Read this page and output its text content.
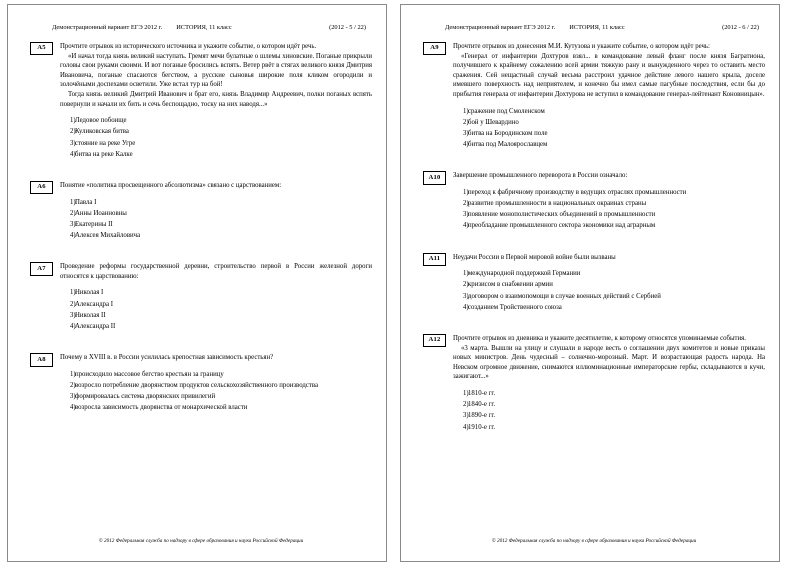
Демонстрационный вариант ЕГЭ 2012 г. ИСТОРИЯ, 11 класс	(2012 - 5 / 22)
A5	Прочтите отрывок из исторического источника и укажите событие, о котором идёт речь.

«И начал тогда князь великий наступать. Гремят мечи булатные о шлемы хиновские. Поганые прикрыли головы свои руками своими. И вот поганые бросились вспять. Ветер рвёт в стягах великого князя Дмитрия Ивановича, поганые спасаются бегством, а русские сыновья широкие поля кликом огородили и золочёными доспехами осветили. Уже встал тур на бой!

Тогда князь великий Дмитрий Иванович и брат его, князь Владимир Андреевич, полки поганых вспять повернули и начали их бить и сечь беспощадно, тоску на них наводя...»

1) Ледовое побоище
2) Куликовская битва
3) стояние на реке Угре
4) битва на реке Калке
A6	Понятие «политика просвещенного абсолютизма» связано с царствованием:

1) Павла I
2) Анны Иоанновны
3) Екатерины II
4) Алексея Михайловича
A7	Проведение реформы государственной деревни, строительство первой в России железной дороги относятся к царствованию:

1) Николая I
2) Александра I
3) Николая II
4) Александра II
A8	Почему в XVIII в. в России усилилась крепостная зависимость крестьян?

1) происходило массовое бегство крестьян за границу
2) возросло потребление дворянством продуктов сельскохозяйственного производства
3) формировалась система дворянских привилегий
4) возросла зависимость дворянства от монархической власти
© 2012 Федеральная служба по надзору в сфере образования и наука Российской Федерации
Демонстрационный вариант ЕГЭ 2012 г. ИСТОРИЯ, 11 класс	(2012 - 6 / 22)
A9	Прочтите отрывок из донесения М.И. Кутузова и укажите событие, о котором идёт речь:

«Генерал от инфантерии Дохтуров взял... в командование левый фланг после князя Багратиона, получившего к крайнему сожалению всей армии тяжкую рану и вынужденного через то оставить место сражения. Сей нещастный случай весьма расстроил удачное действие левого нашего крыла, доселе имевшего поверхность над неприятелем, и конечно бы имел самые пагубные последствия, если бы до прибытия генерала от инфантерии Дохтурова не вступил в командование генерал-лейтенант Коновницын».

1) сражение под Смоленском
2) бой у Шевардино
3) битва на Бородинском поле
4) битва под Малоярославцем
A10	Завершение промышленного переворота в России означало:

1) переход к фабричному производству в ведущих отраслях промышленности
2) развитие промышленности в национальных окраинах страны
3) появление монополистических объединений в промышленности
4) преобладание промышленного сектора экономики над аграрным
A11	Неудачи России в Первой мировой войне были вызваны

1) международной поддержкой Германии
2) кризисом в снабжении армии
3) договором о взаимопомощи в случае военных действий с Сербией
4) созданием Тройственного союза
A12	Прочтите отрывок из дневника и укажите десятилетие, к которому относятся упоминаемые события.

«3 марта. Вышли на улицу и слушали в народе весть о соглашении двух комитетов и новые приказы новых министров. День чудесный – солнечно-морозный. Март. И возрастающая радость народа. На Невском огромное движение, снимаются иллюминационные императорские гербы, складываются в кучи, зажигают...»

1) 1810-е гг.
2) 1840-е гг.
3) 1890-е гг.
4) 1910-е гг.
© 2012 Федеральная служба по надзору в сфере образования и наука Российской Федерации
